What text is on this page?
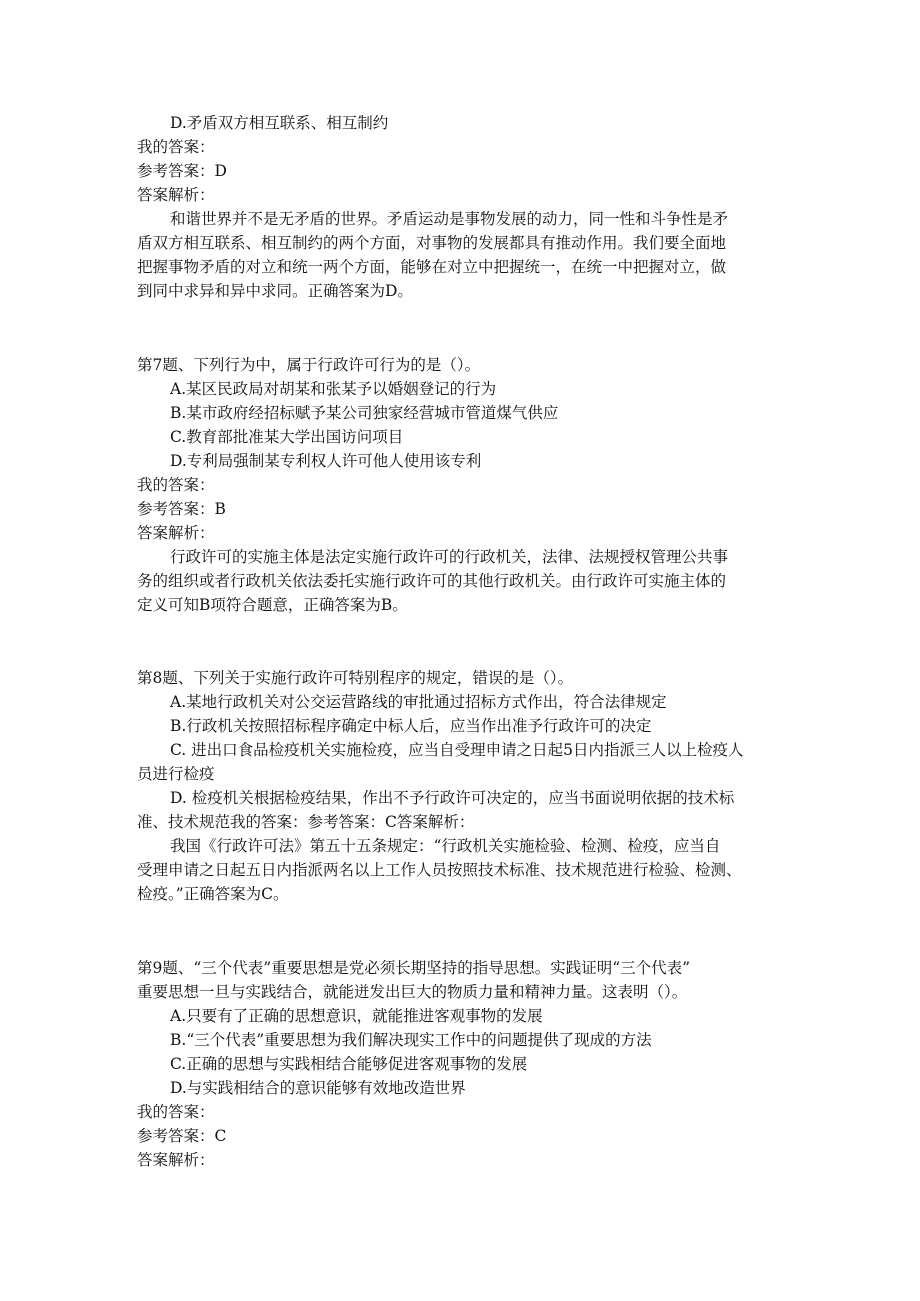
D.矛盾双方相互联系、相互制约
我的答案：
参考答案：D
答案解析：
和谐世界并不是无矛盾的世界。矛盾运动是事物发展的动力，同一性和斗争性是矛
盾双方相互联系、相互制约的两个方面，对事物的发展都具有推动作用。我们要全面地
把握事物矛盾的对立和统一两个方面，能够在对立中把握统一，在统一中把握对立，做
到同中求异和异中求同。正确答案为D。
第7题、下列行为中，属于行政许可行为的是（）。
A.某区民政局对胡某和张某予以婚姻登记的行为
B.某市政府经招标赋予某公司独家经营城市管道煤气供应
C.教育部批准某大学出国访问项目
D.专利局强制某专利权人许可他人使用该专利
我的答案：
参考答案：B
答案解析：
行政许可的实施主体是法定实施行政许可的行政机关，法律、法规授权管理公共事
务的组织或者行政机关依法委托实施行政许可的其他行政机关。由行政许可实施主体的
定义可知B项符合题意，正确答案为B。
第8题、下列关于实施行政许可特别程序的规定，错误的是（）。
A.某地行政机关对公交运营路线的审批通过招标方式作出，符合法律规定
B.行政机关按照招标程序确定中标人后，应当作出准予行政许可的决定
C. 进出口食品检疫机关实施检疫，应当自受理申请之日起5日内指派三人以上检疫人
员进行检疫
D. 检疫机关根据检疫结果，作出不予行政许可决定的，应当书面说明依据的技术标
准、技术规范我的答案：参考答案：C答案解析：
我国《行政许可法》第五十五条规定：“行政机关实施检验、检测、检疫，应当自
受理申请之日起五日内指派两名以上工作人员按照技术标准、技术规范进行检验、检测、
检疫。”正确答案为C。
第9题、“三个代表”重要思想是党必须长期坚持的指导思想。实践证明“三个代表”
重要思想一旦与实践结合，就能迸发出巨大的物质力量和精神力量。这表明（）。
A.只要有了正确的思想意识，就能推进客观事物的发展
B.“三个代表”重要思想为我们解决现实工作中的问题提供了现成的方法
C.正确的思想与实践相结合能够促进客观事物的发展
D.与实践相结合的意识能够有效地改造世界
我的答案：
参考答案：C
答案解析：
